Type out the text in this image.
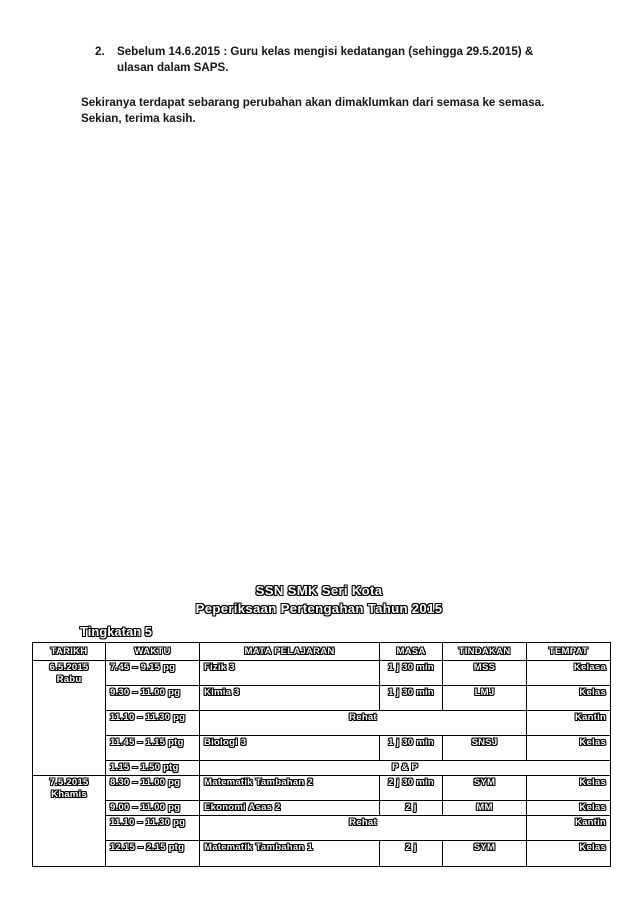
2.	Sebelum 14.6.2015 : Guru kelas mengisi kedatangan (sehingga 29.5.2015) &
ulasan dalam SAPS.
Sekiranya terdapat sebarang perubahan akan dimaklumkan dari semasa ke semasa.
Sekian, terima kasih.
SSN SMK Seri Kota
Peperiksaan Pertengahan Tahun 2015
Tingkatan 5
TARIKH	WAKTU	MATA PELAJARAN	MASA	TINDAKAN	TEMPAT

6.5.2015
Rabu	7.45 – 9.15 pg	Fizik 3	1 j 30 min	MSS	Kelasa
	9.30 – 11.00 pg	Kimia 3	1 j 30 min	LMJ	Kelas
	11.10 – 11.30 pg	Rehat			Kantin
	11.45 – 1.15 ptg	Biologi 3	1 j 30 min	SNSJ	Kelas
	1.15 – 1.50 ptg	P & P			

7.5.2015
Khamis	8.30 – 11.00 pg	Matematik Tambahan 2	2 j 30 min	SYM	Kelas
	9.00 – 11.00 pg	Ekonomi Asas 2	2 j	MM	Kelas
	11.10 – 11.30 pg	Rehat			Kantin
	12.15 – 2.15 ptg	Matematik Tambahan 1	2 j	SYM	Kelas
